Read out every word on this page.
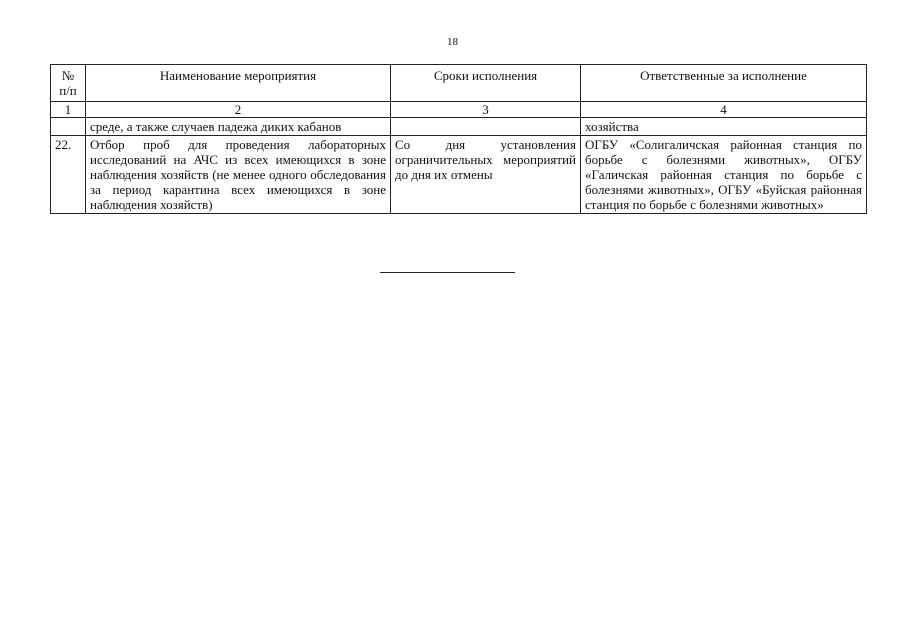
18
№ п/п	Наименование мероприятия	Сроки исполнения	Ответственные за исполнение
1	2	3	4
	среде, а также случаев падежа диких кабанов		хозяйства
22.	Отбор проб для проведения лабораторных исследований на АЧС из всех имеющихся в зоне наблюдения хозяйств (не менее одного обследования за период карантина всех имеющихся в зоне наблюдения хозяйств)	Со дня установления ограничительных мероприятий до дня их отмены	ОГБУ «Солигаличская районная станция по борьбе с болезнями животных», ОГБУ «Галичская районная станция по борьбе с болезнями животных», ОГБУ «Буйская районная станция по борьбе с болезнями животных»
